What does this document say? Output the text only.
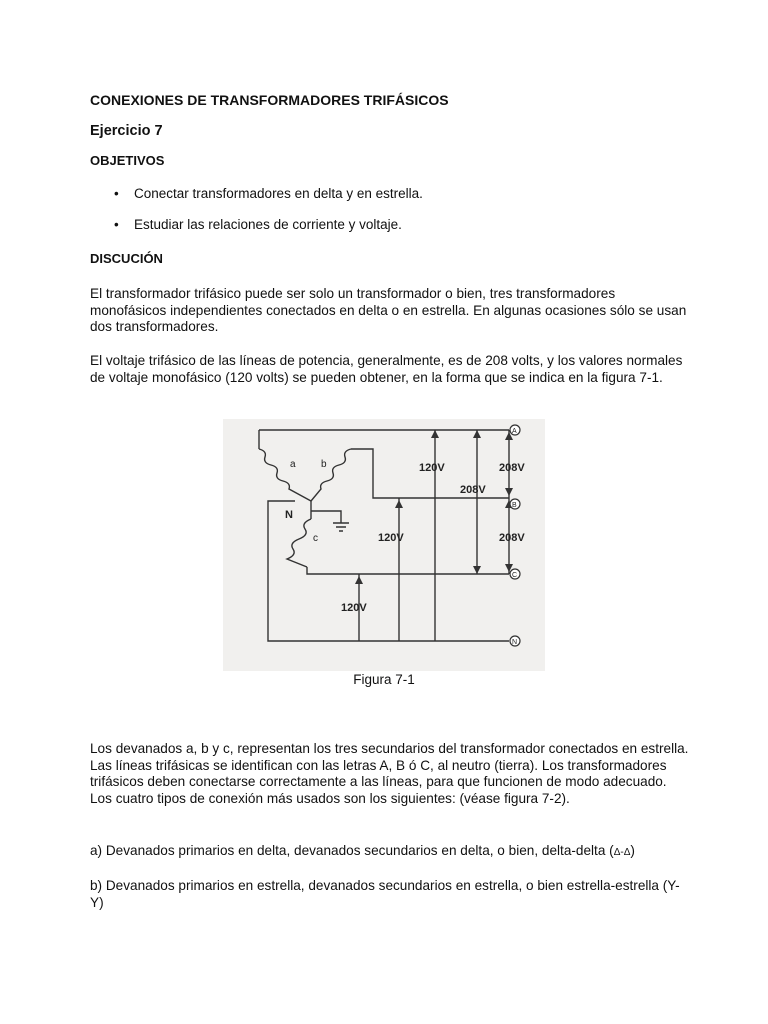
CONEXIONES DE TRANSFORMADORES TRIFÁSICOS
Ejercicio 7
OBJETIVOS
• Conectar transformadores en delta y en estrella.
• Estudiar las relaciones de corriente y voltaje.
DISCUCIÓN

El transformador trifásico puede ser solo un transformador o bien, tres transformadores monofásicos independientes conectados en delta o en estrella. En algunas ocasiones sólo se usan dos transformadores.

El voltaje trifásico de las líneas de potencia, generalmente, es de 208 volts, y los valores normales de voltaje monofásico (120 volts) se pueden obtener, en la forma que se indica en la figura 7-1.

A
B
C
N
a	b
c
N
120V	208V
208V
120V	208V
120V
Figura 7-1

Los devanados a, b y c, representan los tres secundarios del transformador conectados en estrella. Las líneas trifásicas se identifican con las letras A, B ó C, al neutro (tierra). Los transformadores trifásicos deben conectarse correctamente a las líneas, para que funcionen de modo adecuado. Los cuatro tipos de conexión más usados son los siguientes: (véase figura 7-2).

a) Devanados primarios en delta, devanados secundarios en delta, o bien, delta-delta (Δ-Δ)

b) Devanados primarios en estrella, devanados secundarios en estrella, o bien estrella-estrella (Y-Y)
